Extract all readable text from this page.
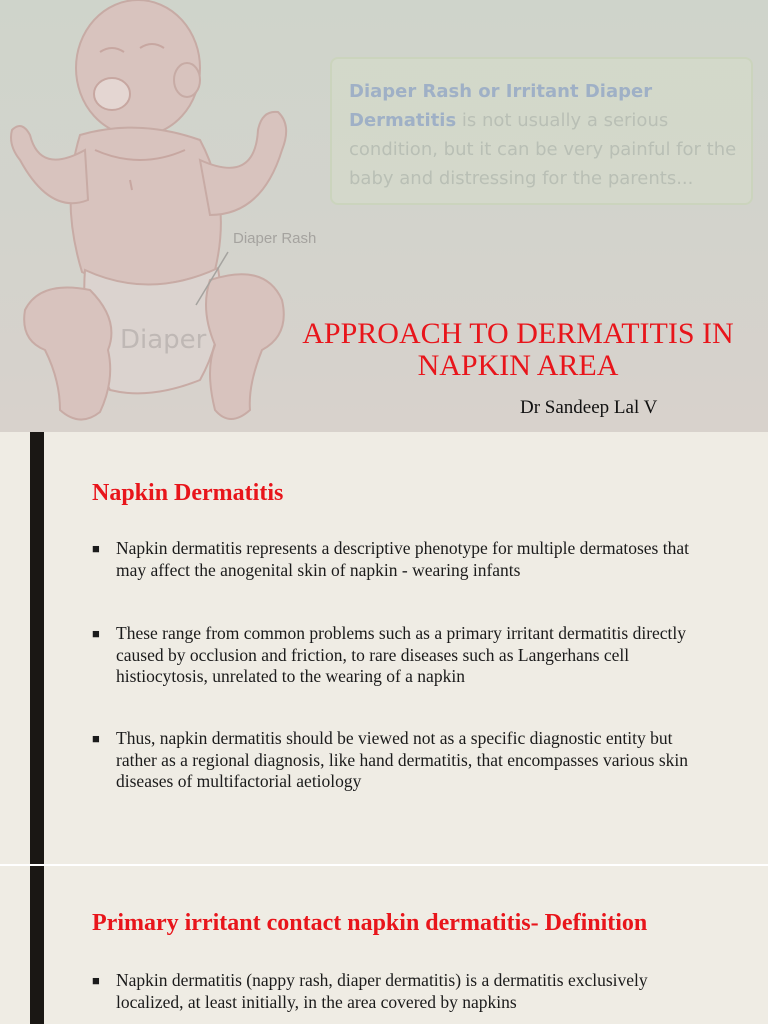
Diaper
Diaper Rash
Diaper Rash or Irritant Diaper Dermatitis is not usually a serious condition, but it can be very painful for the baby and distressing for the parents...
APPROACH TO DERMATITIS IN NAPKIN AREA
Dr Sandeep Lal V
Napkin Dermatitis
■ Napkin dermatitis represents a descriptive phenotype for multiple dermatoses that may affect the anogenital skin of napkin - wearing infants
■ These range from common problems such as a primary irritant dermatitis directly caused by occlusion and friction, to rare diseases such as Langerhans cell histiocytosis, unrelated to the wearing of a napkin
■ Thus, napkin dermatitis should be viewed not as a specific diagnostic entity but rather as a regional diagnosis, like hand dermatitis, that encompasses various skin diseases of multifactorial aetiology
Primary irritant contact napkin dermatitis- Definition
■ Napkin dermatitis (nappy rash, diaper dermatitis) is a dermatitis exclusively localized, at least initially, in the area covered by napkins
